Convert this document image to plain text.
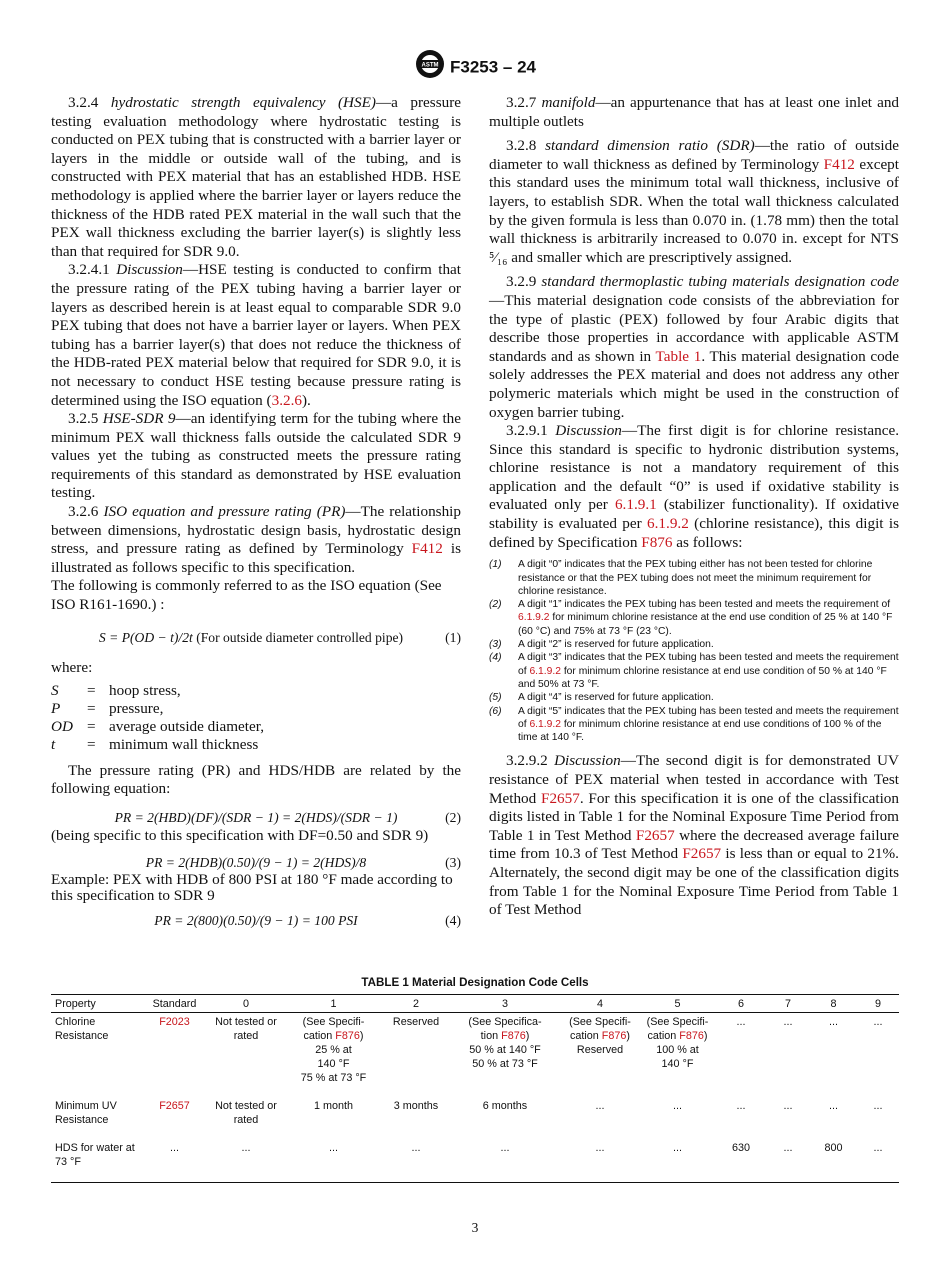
ASTM F3253 – 24

3.2.4 hydrostatic strength equivalency (HSE)—a pressure testing evaluation methodology where hydrostatic testing is conducted on PEX tubing that is constructed with a barrier layer or layers in the middle or outside wall of the tubing, and is constructed with PEX material that has an established HDB. HSE methodology is applied where the barrier layer or layers reduce the thickness of the HDB rated PEX material in the wall such that the PEX wall thickness excluding the barrier layer(s) is slightly less than that required for SDR 9.0.

3.2.4.1 Discussion—HSE testing is conducted to confirm that the pressure rating of the PEX tubing having a barrier layer or layers as described herein is at least equal to comparable SDR 9.0 PEX tubing that does not have a barrier layer or layers. When PEX tubing has a barrier layer(s) that does not reduce the thickness of the HDB-rated PEX material below that required for SDR 9.0, it is not necessary to conduct HSE testing because pressure rating is determined using the ISO equation (3.2.6).

3.2.5 HSE-SDR 9—an identifying term for the tubing where the minimum PEX wall thickness falls outside the calculated SDR 9 values yet the tubing as constructed meets the pressure rating requirements of this standard as demonstrated by HSE evaluation testing.

3.2.6 ISO equation and pressure rating (PR)—The relationship between dimensions, hydrostatic design basis, hydrostatic design stress, and pressure rating as defined by Terminology F412 is illustrated as follows specific to this specification.

The following is commonly referred to as the ISO equation (See ISO R161-1690.) :

S = P(OD − t)/2t (For outside diameter controlled pipe)	(1)

where:

S	=	hoop stress,
P	=	pressure,
OD	=	average outside diameter,
t	=	minimum wall thickness

The pressure rating (PR) and HDS/HDB are related by the following equation:

PR = 2(HBD)(DF)/(SDR − 1) = 2(HDS)/(SDR − 1)	(2)

(being specific to this specification with DF=0.50 and SDR 9)

PR = 2(HDB)(0.50)/(9 − 1) = 2(HDS)/8	(3)

Example: PEX with HDB of 800 PSI at 180 °F made according to this specification to SDR 9

PR = 2(800)(0.50)/(9 − 1) = 100 PSI	(4)

3.2.7 manifold—an appurtenance that has at least one inlet and multiple outlets

3.2.8 standard dimension ratio (SDR)—the ratio of outside diameter to wall thickness as defined by Terminology F412 except this standard uses the minimum total wall thickness, inclusive of layers, to establish SDR. When the total wall thickness calculated by the given formula is less than 0.070 in. (1.78 mm) then the total wall thickness is arbitrarily increased to 0.070 in. except for NTS ⁵⁄₁₆ and smaller which are prescriptively assigned.

3.2.9 standard thermoplastic tubing materials designation code—This material designation code consists of the abbreviation for the type of plastic (PEX) followed by four Arabic digits that describe those properties in accordance with applicable ASTM standards and as shown in Table 1. This material designation code solely addresses the PEX material and does not address any other polymeric materials which might be used in the construction of oxygen barrier tubing.

3.2.9.1 Discussion—The first digit is for chlorine resistance. Since this standard is specific to hydronic distribution systems, chlorine resistance is not a mandatory requirement of this application and the default “0” is used if oxidative stability is evaluated only per 6.1.9.1 (stabilizer functionality). If oxidative stability is evaluated per 6.1.9.2 (chlorine resistance), this digit is defined by Specification F876 as follows:

(1)	A digit “0” indicates that the PEX tubing either has not been tested for chlorine resistance or that the PEX tubing does not meet the minimum requirement for chlorine resistance.
(2)	A digit “1” indicates the PEX tubing has been tested and meets the requirement of 6.1.9.2 for minimum chlorine resistance at the end use condition of 25 % at 140 °F (60 °C) and 75% at 73 °F (23 °C).
(3)	A digit “2” is reserved for future application.
(4)	A digit “3” indicates that the PEX tubing has been tested and meets the requirement of 6.1.9.2 for minimum chlorine resistance at end use condition of 50 % at 140 °F and 50% at 73 °F.
(5)	A digit “4” is reserved for future application.
(6)	A digit “5” indicates that the PEX tubing has been tested and meets the requirement of 6.1.9.2 for minimum chlorine resistance at end use conditions of 100 % of the time at 140 °F.

3.2.9.2 Discussion—The second digit is for demonstrated UV resistance of PEX material when tested in accordance with Test Method F2657. For this specification it is one of the classification digits listed in Table 1 for the Nominal Exposure Time Period from Table 1 in Test Method F2657 where the decreased average failure time from 10.3 of Test Method F2657 is less than or equal to 21%. Alternately, the second digit may be one of the classification digits from Table 1 for the Nominal Exposure Time Period from Table 1 of Test Method

TABLE 1 Material Designation Code Cells
Property	Standard	0	1	2	3	4	5	6	7	8	9
Chlorine Resistance	F2023	Not tested or rated	(See Specifi-
cation F876)
25 % at
140 °F
75 % at 73 °F	Reserved	(See Specifica-
tion F876)
50 % at 140 °F
50 % at 73 °F	(See Specifi-
cation F876)
Reserved	(See Specifi-
cation F876)
100 % at
140 °F	...	...	...	...
Minimum UV Resistance	F2657	Not tested or rated	1 month	3 months	6 months	...	...	...	...	...	...
HDS for water at 73 °F	...	...	...	...	...	...	...	630	...	800	...
3
